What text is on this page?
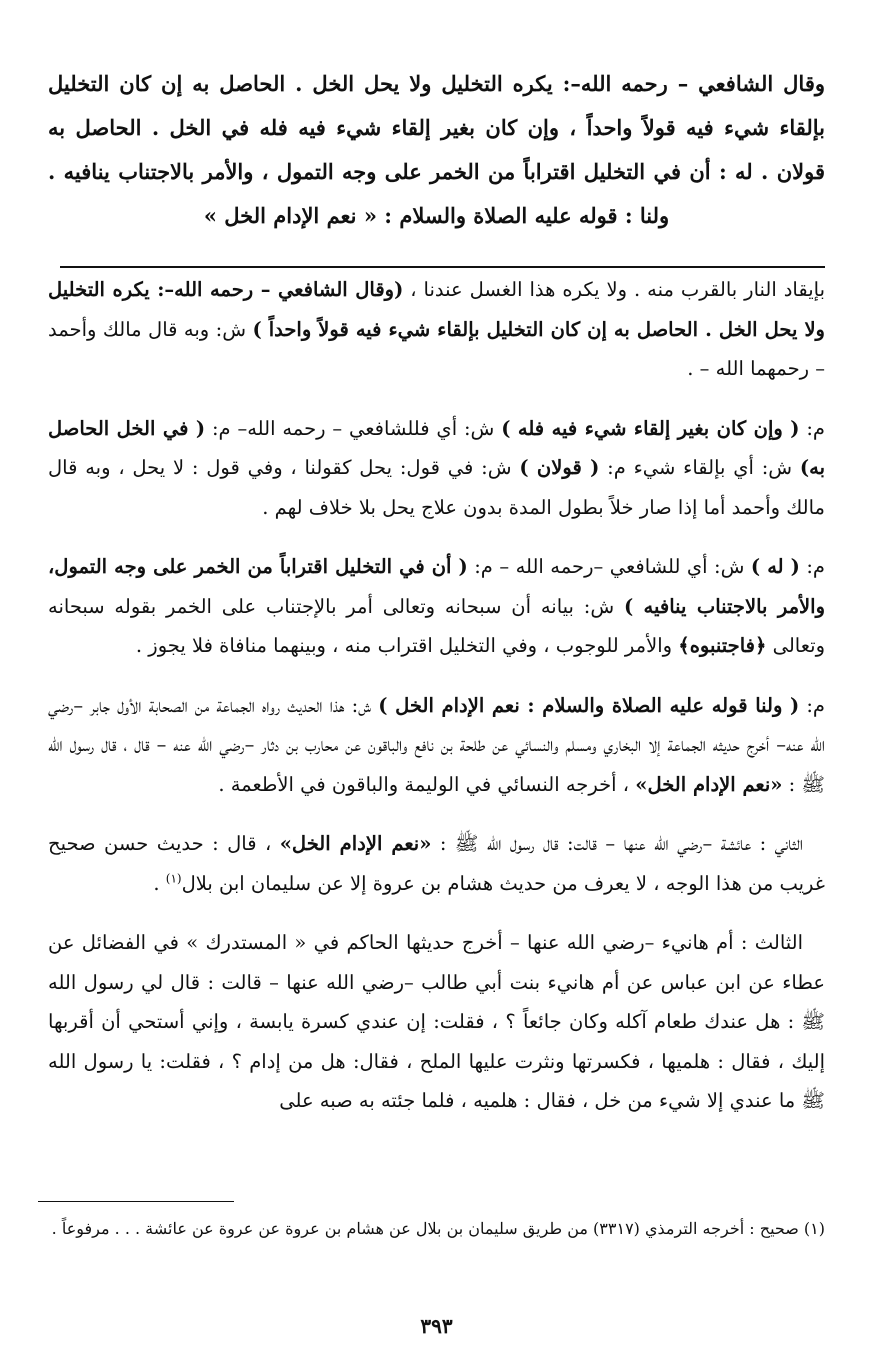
وقال الشافعي – رحمه الله–: يكره التخليل ولا يحل الخل . الحاصل به إن كان التخليل بإلقاء شيء فيه قولاً واحداً ، وإن كان بغير إلقاء شيء فيه فله في الخل . الحاصل به قولان . له : أن في التخليل اقتراباً من الخمر على وجه التمول ، والأمر بالاجتناب ينافيه . ولنا : قوله عليه الصلاة والسلام : « نعم الإدام الخل »

بإيقاد النار بالقرب منه . ولا يكره هذا الغسل عندنا ، (وقال الشافعي – رحمه الله–: يكره التخليل ولا يحل الخل . الحاصل به إن كان التخليل بإلقاء شيء فيه قولاً واحداً ) ش: وبه قال مالك وأحمد – رحمهما الله – .

م: ( وإن كان بغير إلقاء شيء فيه فله ) ش: أي فللشافعي – رحمه الله– م: ( في الخل الحاصل به) ش: أي بإلقاء شيء م: ( قولان ) ش: في قول: يحل كقولنا ، وفي قول : لا يحل ، وبه قال مالك وأحمد أما إذا صار خلاً بطول المدة بدون علاج يحل بلا خلاف لهم .

م: ( له ) ش: أي للشافعي –رحمه الله – م: ( أن في التخليل اقتراباً من الخمر على وجه التمول، والأمر بالاجتناب ينافيه ) ش: بيانه أن سبحانه وتعالى أمر بالإجتناب على الخمر بقوله سبحانه وتعالى ﴿فاجتنبوه﴾ والأمر للوجوب ، وفي التخليل اقتراب منه ، وبينهما منافاة فلا يجوز .

م: ( ولنا قوله عليه الصلاة والسلام : نعم الإدام الخل ) ش: هذا الحديث رواه الجماعة من الصحابة الأول جابر –رضي الله عنه– أخرج حديثه الجماعة إلا البخاري ومسلم والنسائي عن طلحة بن نافع والباقون عن محارب بن دثار –رضي الله عنه – قال ، قال رسول الله ﷺ : «نعم الإدام الخل» ، أخرجه النسائي في الوليمة والباقون في الأطعمة .

الثاني : عائشة –رضي الله عنها – قالت: قال رسول الله ﷺ : «نعم الإدام الخل» ، قال : حديث حسن صحيح غريب من هذا الوجه ، لا يعرف من حديث هشام بن عروة إلا عن سليمان ابن بلال$^{(١)}$ .

الثالث : أم هانيء –رضي الله عنها – أخرج حديثها الحاكم في « المستدرك » في الفضائل عن عطاء عن ابن عباس عن أم هانيء بنت أبي طالب –رضي الله عنها – قالت : قال لي رسول الله ﷺ : هل عندك طعام آكله وكان جائعاً ؟ ، فقلت: إن عندي كسرة يابسة ، وإني أستحي أن أقربها إليك ، فقال : هلميها ، فكسرتها ونثرت عليها الملح ، فقال: هل من إدام ؟ ، فقلت: يا رسول الله ﷺ ما عندي إلا شيء من خل ، فقال : هلميه ، فلما جئته به صبه على

(١) صحيح : أخرجه الترمذي (٣٣١٧) من طريق سليمان بن بلال عن هشام بن عروة عن عروة عن عائشة . . . مرفوعاً .
٣٩٣
